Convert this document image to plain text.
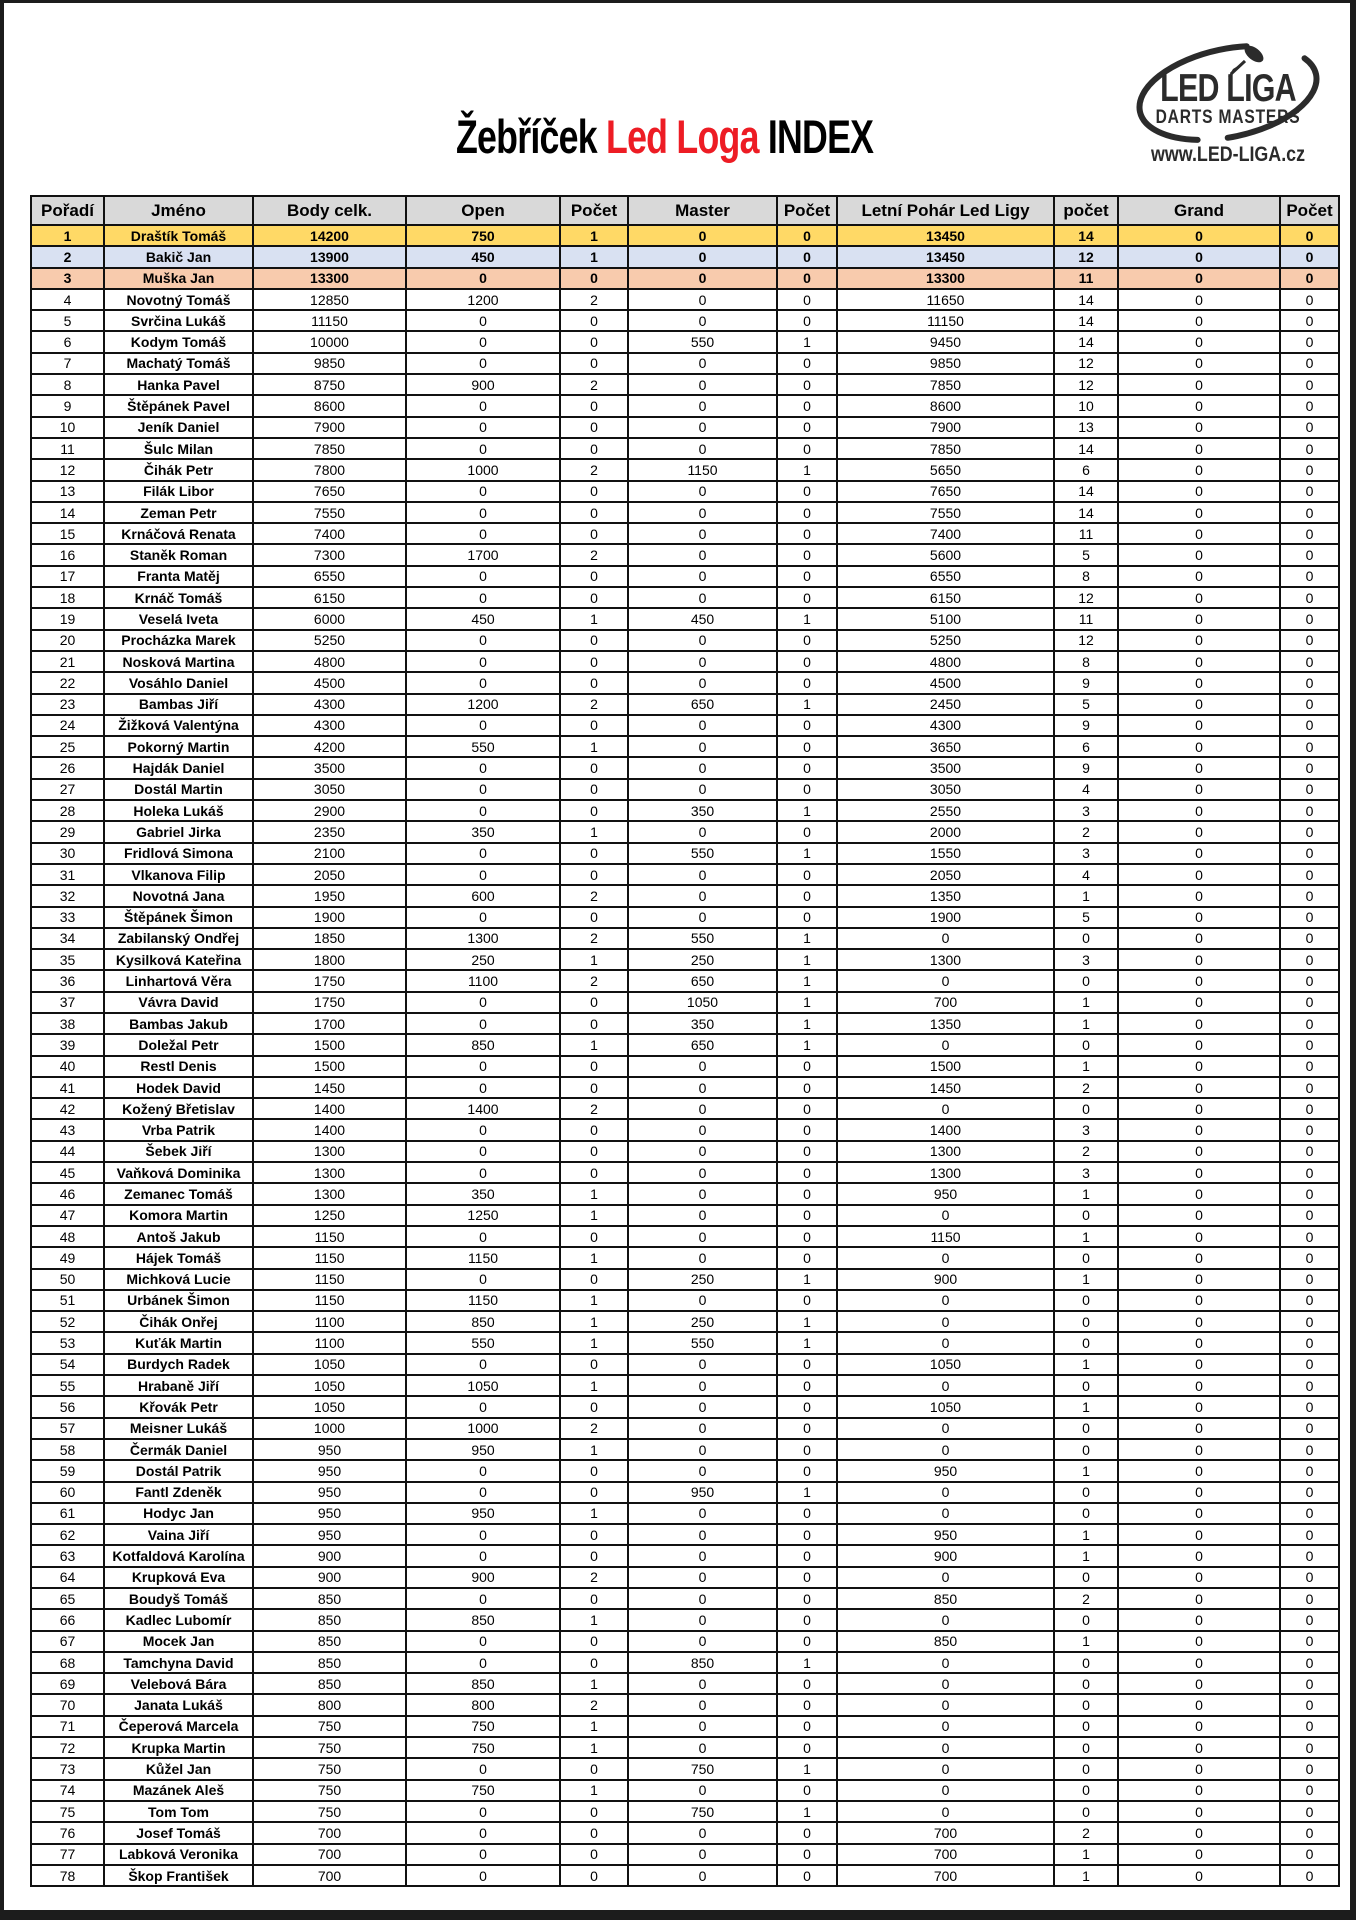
Žebříček Led Loga INDEX
LED LIGA
DARTS MASTERS
www.LED-LIGA.cz
Pořadí	Jméno	Body celk.	Open	Počet	Master	Počet	Letní Pohár Led Ligy	počet	Grand	Počet
1	Draštík Tomáš	14200	750	1	0	0	13450	14	0	0
2	Bakič Jan	13900	450	1	0	0	13450	12	0	0
3	Muška Jan	13300	0	0	0	0	13300	11	0	0
4	Novotný Tomáš	12850	1200	2	0	0	11650	14	0	0
5	Svrčina Lukáš	11150	0	0	0	0	11150	14	0	0
6	Kodym Tomáš	10000	0	0	550	1	9450	14	0	0
7	Machatý Tomáš	9850	0	0	0	0	9850	12	0	0
8	Hanka Pavel	8750	900	2	0	0	7850	12	0	0
9	Štěpánek Pavel	8600	0	0	0	0	8600	10	0	0
10	Jeník Daniel	7900	0	0	0	0	7900	13	0	0
11	Šulc Milan	7850	0	0	0	0	7850	14	0	0
12	Čihák Petr	7800	1000	2	1150	1	5650	6	0	0
13	Filák Libor	7650	0	0	0	0	7650	14	0	0
14	Zeman Petr	7550	0	0	0	0	7550	14	0	0
15	Krnáčová Renata	7400	0	0	0	0	7400	11	0	0
16	Staněk Roman	7300	1700	2	0	0	5600	5	0	0
17	Franta Matěj	6550	0	0	0	0	6550	8	0	0
18	Krnáč Tomáš	6150	0	0	0	0	6150	12	0	0
19	Veselá Iveta	6000	450	1	450	1	5100	11	0	0
20	Procházka Marek	5250	0	0	0	0	5250	12	0	0
21	Nosková Martina	4800	0	0	0	0	4800	8	0	0
22	Vosáhlo Daniel	4500	0	0	0	0	4500	9	0	0
23	Bambas Jiří	4300	1200	2	650	1	2450	5	0	0
24	Žižková Valentýna	4300	0	0	0	0	4300	9	0	0
25	Pokorný Martin	4200	550	1	0	0	3650	6	0	0
26	Hajdák Daniel	3500	0	0	0	0	3500	9	0	0
27	Dostál Martin	3050	0	0	0	0	3050	4	0	0
28	Holeka Lukáš	2900	0	0	350	1	2550	3	0	0
29	Gabriel Jirka	2350	350	1	0	0	2000	2	0	0
30	Fridlová Simona	2100	0	0	550	1	1550	3	0	0
31	Vlkanova Filip	2050	0	0	0	0	2050	4	0	0
32	Novotná Jana	1950	600	2	0	0	1350	1	0	0
33	Štěpánek Šimon	1900	0	0	0	0	1900	5	0	0
34	Zabilanský Ondřej	1850	1300	2	550	1	0	0	0	0
35	Kysilková Kateřina	1800	250	1	250	1	1300	3	0	0
36	Linhartová Věra	1750	1100	2	650	1	0	0	0	0
37	Vávra David	1750	0	0	1050	1	700	1	0	0
38	Bambas Jakub	1700	0	0	350	1	1350	1	0	0
39	Doležal Petr	1500	850	1	650	1	0	0	0	0
40	Restl Denis	1500	0	0	0	0	1500	1	0	0
41	Hodek David	1450	0	0	0	0	1450	2	0	0
42	Kožený Břetislav	1400	1400	2	0	0	0	0	0	0
43	Vrba Patrik	1400	0	0	0	0	1400	3	0	0
44	Šebek Jiří	1300	0	0	0	0	1300	2	0	0
45	Vaňková Dominika	1300	0	0	0	0	1300	3	0	0
46	Zemanec Tomáš	1300	350	1	0	0	950	1	0	0
47	Komora Martin	1250	1250	1	0	0	0	0	0	0
48	Antoš Jakub	1150	0	0	0	0	1150	1	0	0
49	Hájek Tomáš	1150	1150	1	0	0	0	0	0	0
50	Michková Lucie	1150	0	0	250	1	900	1	0	0
51	Urbánek Šimon	1150	1150	1	0	0	0	0	0	0
52	Čihák Onřej	1100	850	1	250	1	0	0	0	0
53	Kuťák Martin	1100	550	1	550	1	0	0	0	0
54	Burdych Radek	1050	0	0	0	0	1050	1	0	0
55	Hrabaně Jiří	1050	1050	1	0	0	0	0	0	0
56	Křovák Petr	1050	0	0	0	0	1050	1	0	0
57	Meisner Lukáš	1000	1000	2	0	0	0	0	0	0
58	Čermák Daniel	950	950	1	0	0	0	0	0	0
59	Dostál Patrik	950	0	0	0	0	950	1	0	0
60	Fantl Zdeněk	950	0	0	950	1	0	0	0	0
61	Hodyc Jan	950	950	1	0	0	0	0	0	0
62	Vaina Jiří	950	0	0	0	0	950	1	0	0
63	Kotfaldová Karolína	900	0	0	0	0	900	1	0	0
64	Krupková Eva	900	900	2	0	0	0	0	0	0
65	Boudyš Tomáš	850	0	0	0	0	850	2	0	0
66	Kadlec Lubomír	850	850	1	0	0	0	0	0	0
67	Mocek Jan	850	0	0	0	0	850	1	0	0
68	Tamchyna David	850	0	0	850	1	0	0	0	0
69	Velebová Bára	850	850	1	0	0	0	0	0	0
70	Janata Lukáš	800	800	2	0	0	0	0	0	0
71	Čeperová Marcela	750	750	1	0	0	0	0	0	0
72	Krupka Martin	750	750	1	0	0	0	0	0	0
73	Kůžel Jan	750	0	0	750	1	0	0	0	0
74	Mazánek Aleš	750	750	1	0	0	0	0	0	0
75	Tom Tom	750	0	0	750	1	0	0	0	0
76	Josef Tomáš	700	0	0	0	0	700	2	0	0
77	Labková Veronika	700	0	0	0	0	700	1	0	0
78	Škop František	700	0	0	0	0	700	1	0	0
